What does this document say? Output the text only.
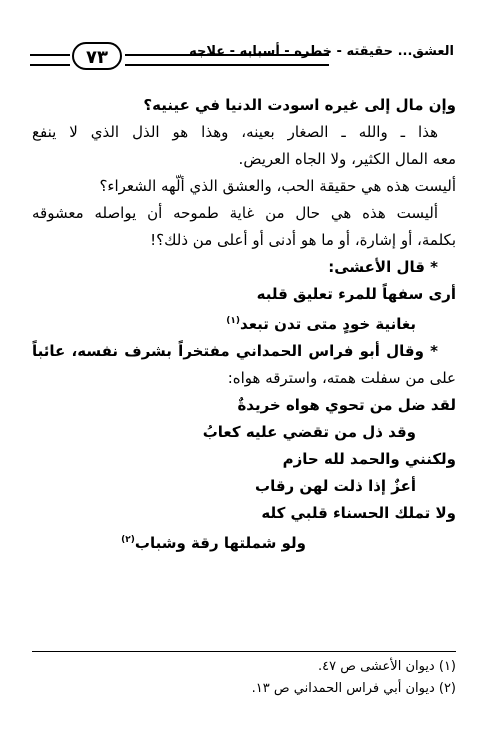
العشق... حقيقته - خطره - أسبابه - علاجه
٧٣
وإن مال إلى غيره اسودت الدنيا في عينيه؟
هذا ـ والله ـ الصغار بعينه، وهذا هو الذل الذي لا ينفع
معه المال الكثير، ولا الجاه العريض.
أليست هذه هي حقيقة الحب، والعشق الذي ألّهه الشعراء؟
أليست هذه هي حال من غاية طموحه أن يواصله معشوقه
بكلمة، أو إشارة، أو ما هو أدنى أو أعلى من ذلك؟!
* قال الأعشى:
أرى سفهاً للمرء تعليق قلبه
بغانية خودٍ متى تدن تبعد$^{(١)}$
* وقال أبو فراس الحمداني مفتخراً بشرف نفسه، عائباً
على من سفلت همته، واسترقه هواه:
لقد ضل من تحوي هواه خريدةٌ
وقد ذل من تقضي عليه كعابُ
ولكنني والحمد لله حازم
أعزٌ إذا ذلت لهن رقاب
ولا تملك الحسناء قلبي كله
ولو شملتها رقة وشباب$^{(٢)}$
(١) ديوان الأعشى ص ٤٧.
(٢) ديوان أبي فراس الحمداني ص ١٣.
